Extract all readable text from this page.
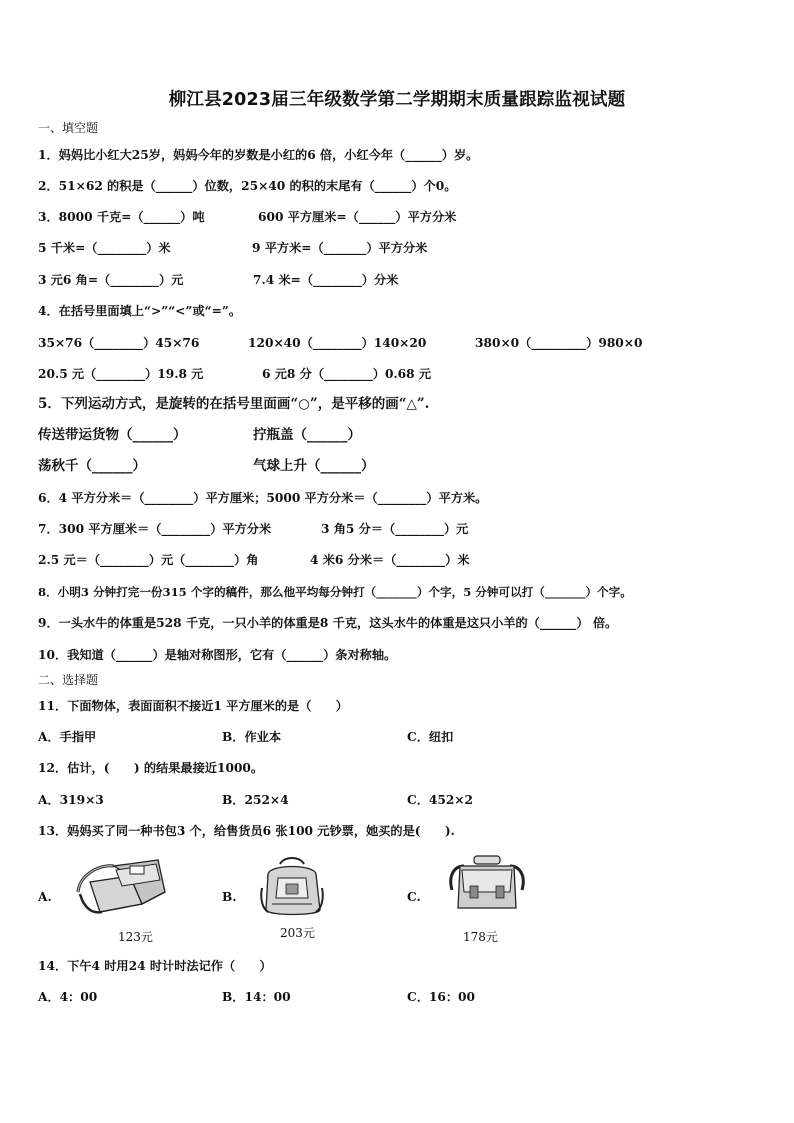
柳江县2023届三年级数学第二学期期末质量跟踪监视试题
一、填空题
1．妈妈比小红大25岁，妈妈今年的岁数是小红的6 倍，小红今年（______）岁。
2．51×62 的积是（______）位数，25×40 的积的末尾有（______）个0。
3．8000 千克=（______）吨	600 平方厘米=（______）平方分米
5 千米=（________）米	9 平方米=（_______）平方分米
3 元6 角=（________）元	7.4 米=（________）分米
4．在括号里面填上“>”“<”或“=”。
35×76（________）45×76	120×40（________）140×20	380×0（_________）980×0
20.5 元（________）19.8 元	6 元8 分（________）0.68 元
5．下列运动方式，是旋转的在括号里面画“○”，是平移的画“△”.
传送带运货物（______）	拧瓶盖（______）
荡秋千（______）	气球上升（______）
6．4 平方分米＝（________）平方厘米；5000 平方分米＝（________）平方米。
7．300 平方厘米＝（________）平方分米	3 角5 分＝（________）元
2.5 元＝（________）元（________）角	4 米6 分米＝（________）米
8．小明3 分钟打完一份315 个字的稿件，那么他平均每分钟打（_______）个字，5 分钟可以打（_______）个字。
9．一头水牛的体重是528 千克，一只小羊的体重是8 千克，这头水牛的体重是这只小羊的（______） 倍。
10．我知道（______）是轴对称图形，它有（______）条对称轴。
二、选择题
11．下面物体，表面面积不接近1 平方厘米的是（　　）
A．手指甲	B．作业本	C．纽扣
12．估计，(　　) 的结果最接近1000。
A．319×3	B．252×4	C．452×2
13．妈妈买了同一种书包3 个，给售货员6 张100 元钞票，她买的是(　　).
A.	B.	C.
123元	203元	178元
14．下午4 时用24 时计时法记作（　　）
A．4：00	B．14：00	C．16：00
